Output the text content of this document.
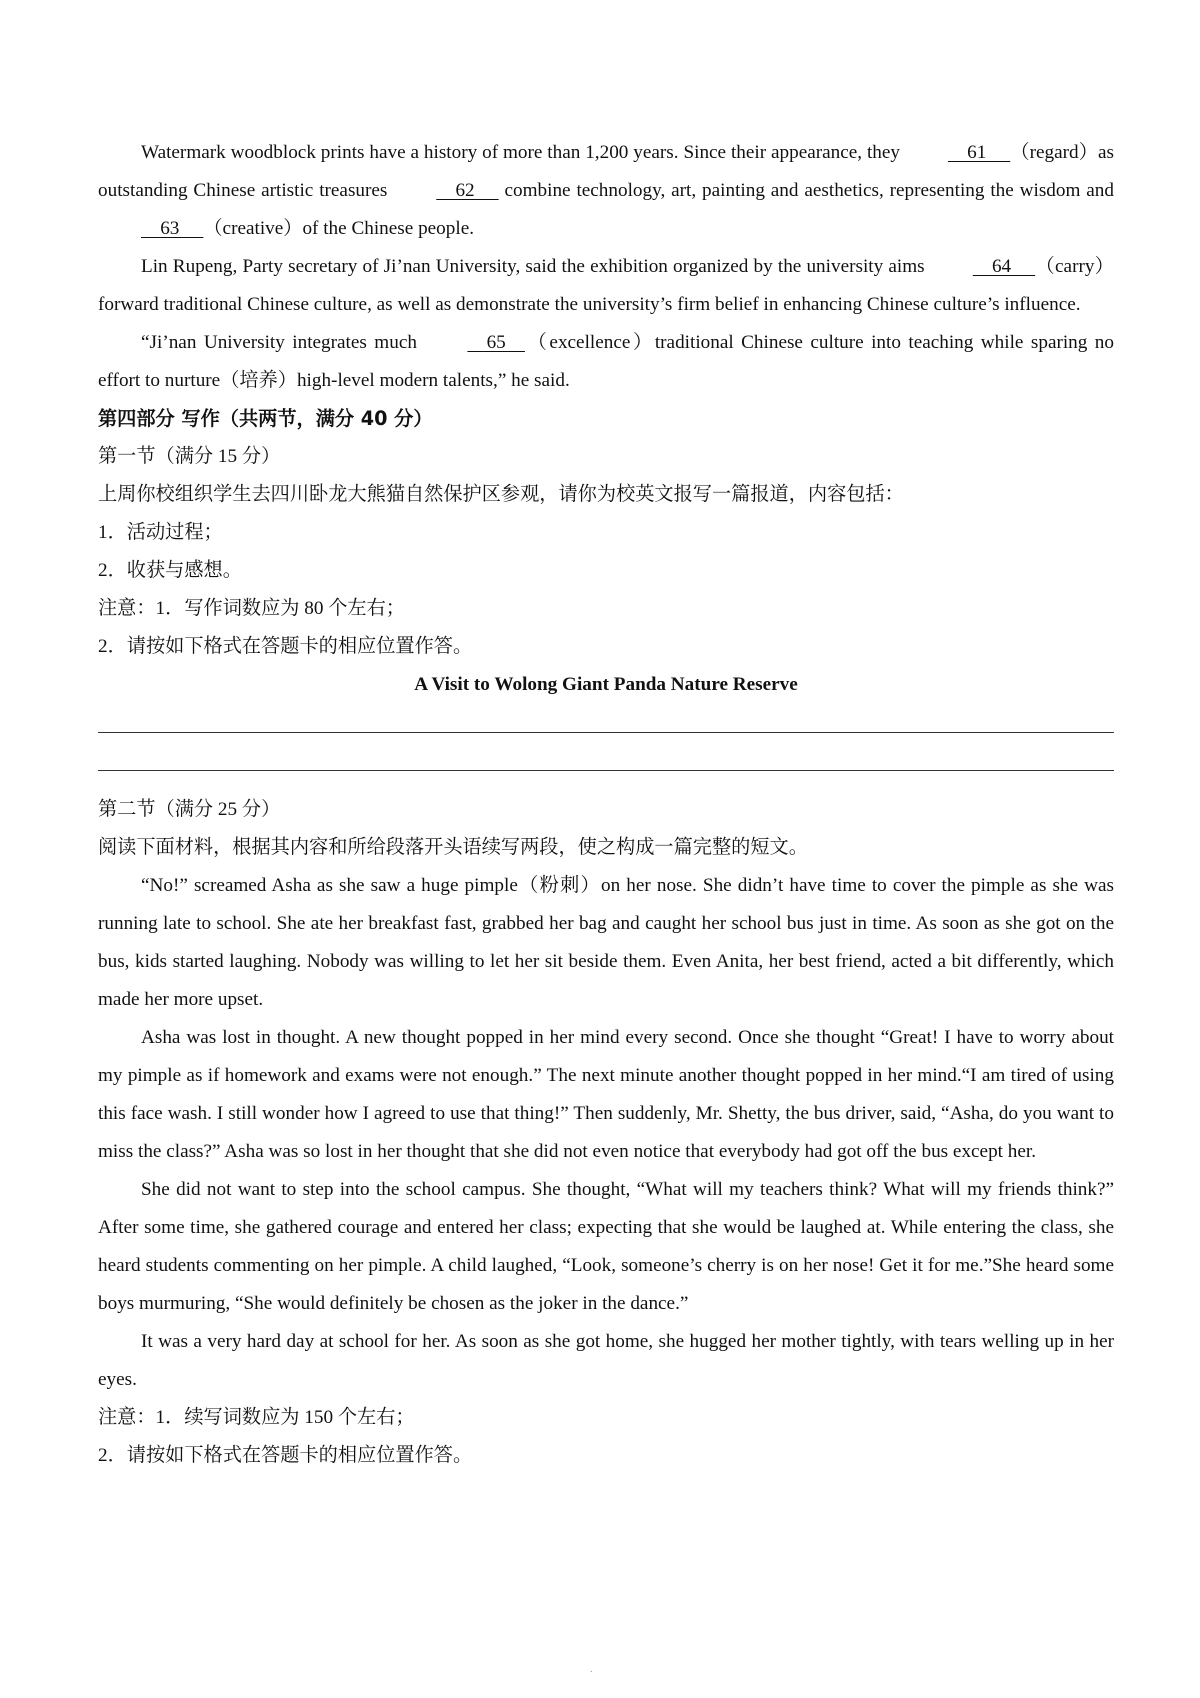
Watermark woodblock prints have a history of more than 1,200 years. Since their appearance, they     61     （regard）as outstanding Chinese artistic treasures     62      combine technology, art, painting and aesthetics, representing the wisdom and     63     （creative）of the Chinese people.

Lin Rupeng, Party secretary of Ji’nan University, said the exhibition organized by the university aims     64     （carry）forward traditional Chinese culture, as well as demonstrate the university’s firm belief in enhancing Chinese culture’s influence.

“Ji’nan University integrates much     65    （excellence）traditional Chinese culture into teaching while sparing no effort to nurture（培养）high-level modern talents,” he said.

第四部分 写作（共两节，满分 40 分）

第一节（满分 15 分）

上周你校组织学生去四川卧龙大熊猫自然保护区参观，请你为校英文报写一篇报道，内容包括：

1．活动过程；

2．收获与感想。

注意：1．写作词数应为 80 个左右；

2．请按如下格式在答题卡的相应位置作答。

A Visit to Wolong Giant Panda Nature Reserve

第二节（满分 25 分）

阅读下面材料，根据其内容和所给段落开头语续写两段，使之构成一篇完整的短文。

“No!” screamed Asha as she saw a huge pimple（粉刺）on her nose. She didn’t have time to cover the pimple as she was running late to school. She ate her breakfast fast, grabbed her bag and caught her school bus just in time. As soon as she got on the bus, kids started laughing. Nobody was willing to let her sit beside them. Even Anita, her best friend, acted a bit differently, which made her more upset.

Asha was lost in thought. A new thought popped in her mind every second. Once she thought “Great! I have to worry about my pimple as if homework and exams were not enough.” The next minute another thought popped in her mind.“I am tired of using this face wash. I still wonder how I agreed to use that thing!” Then suddenly, Mr. Shetty, the bus driver, said, “Asha, do you want to miss the class?” Asha was so lost in her thought that she did not even notice that everybody had got off the bus except her.

She did not want to step into the school campus. She thought, “What will my teachers think? What will my friends think?” After some time, she gathered courage and entered her class; expecting that she would be laughed at. While entering the class, she heard students commenting on her pimple. A child laughed, “Look, someone’s cherry is on her nose! Get it for me.”She heard some boys murmuring, “She would definitely be chosen as the joker in the dance.”

It was a very hard day at school for her. As soon as she got home, she hugged her mother tightly, with tears welling up in her eyes.

注意：1．续写词数应为 150 个左右；

2．请按如下格式在答题卡的相应位置作答。

.
